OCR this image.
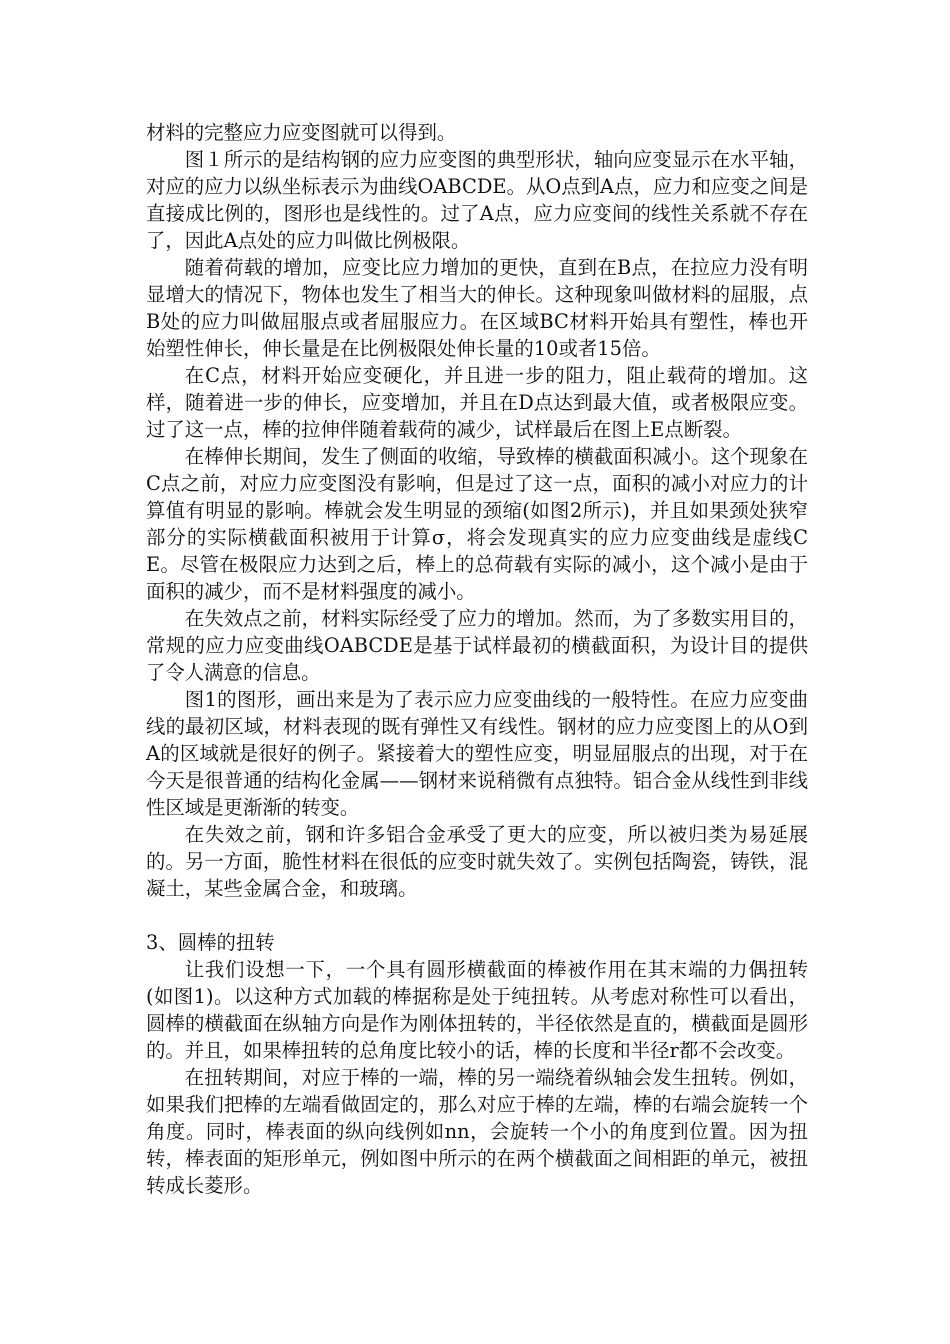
材料的完整应力应变图就可以得到。

图１所示的是结构钢的应力应变图的典型形状，轴向应变显示在水平轴，对应的应力以纵坐标表示为曲线OABCDE。从O点到A点，应力和应变之间是直接成比例的，图形也是线性的。过了A点，应力应变间的线性关系就不存在了，因此A点处的应力叫做比例极限。

随着荷载的增加，应变比应力增加的更快，直到在B点，在拉应力没有明显增大的情况下，物体也发生了相当大的伸长。这种现象叫做材料的屈服，点B处的应力叫做屈服点或者屈服应力。在区域BC材料开始具有塑性，棒也开始塑性伸长，伸长量是在比例极限处伸长量的10或者15倍。

在C点，材料开始应变硬化，并且进一步的阻力，阻止载荷的增加。这样，随着进一步的伸长，应变增加，并且在D点达到最大值，或者极限应变。过了这一点，棒的拉伸伴随着载荷的减少，试样最后在图上E点断裂。

在棒伸长期间，发生了侧面的收缩，导致棒的横截面积减小。这个现象在C点之前，对应力应变图没有影响，但是过了这一点，面积的减小对应力的计算值有明显的影响。棒就会发生明显的颈缩(如图2所示)，并且如果颈处狭窄部分的实际横截面积被用于计算σ，将会发现真实的应力应变曲线是虚线CE。尽管在极限应力达到之后，棒上的总荷载有实际的减小，这个减小是由于面积的减少，而不是材料强度的减小。

在失效点之前，材料实际经受了应力的增加。然而，为了多数实用目的，常规的应力应变曲线OABCDE是基于试样最初的横截面积，为设计目的提供了令人满意的信息。

图1的图形，画出来是为了表示应力应变曲线的一般特性。在应力应变曲线的最初区域，材料表现的既有弹性又有线性。钢材的应力应变图上的从O到A的区域就是很好的例子。紧接着大的塑性应变，明显屈服点的出现，对于在今天是很普通的结构化金属——钢材来说稍微有点独特。铝合金从线性到非线性区域是更渐渐的转变。

在失效之前，钢和许多铝合金承受了更大的应变，所以被归类为易延展的。另一方面，脆性材料在很低的应变时就失效了。实例包括陶瓷，铸铁，混凝土，某些金属合金，和玻璃。

3、圆棒的扭转

让我们设想一下，一个具有圆形横截面的棒被作用在其末端的力偶扭转(如图1)。以这种方式加载的棒据称是处于纯扭转。从考虑对称性可以看出，圆棒的横截面在纵轴方向是作为刚体扭转的，半径依然是直的，横截面是圆形的。并且，如果棒扭转的总角度比较小的话，棒的长度和半径r都不会改变。

在扭转期间，对应于棒的一端，棒的另一端绕着纵轴会发生扭转。例如，如果我们把棒的左端看做固定的，那么对应于棒的左端，棒的右端会旋转一个角度。同时，棒表面的纵向线例如nn，会旋转一个小的角度到位置。因为扭转，棒表面的矩形单元，例如图中所示的在两个横截面之间相距的单元，被扭转成长菱形。
